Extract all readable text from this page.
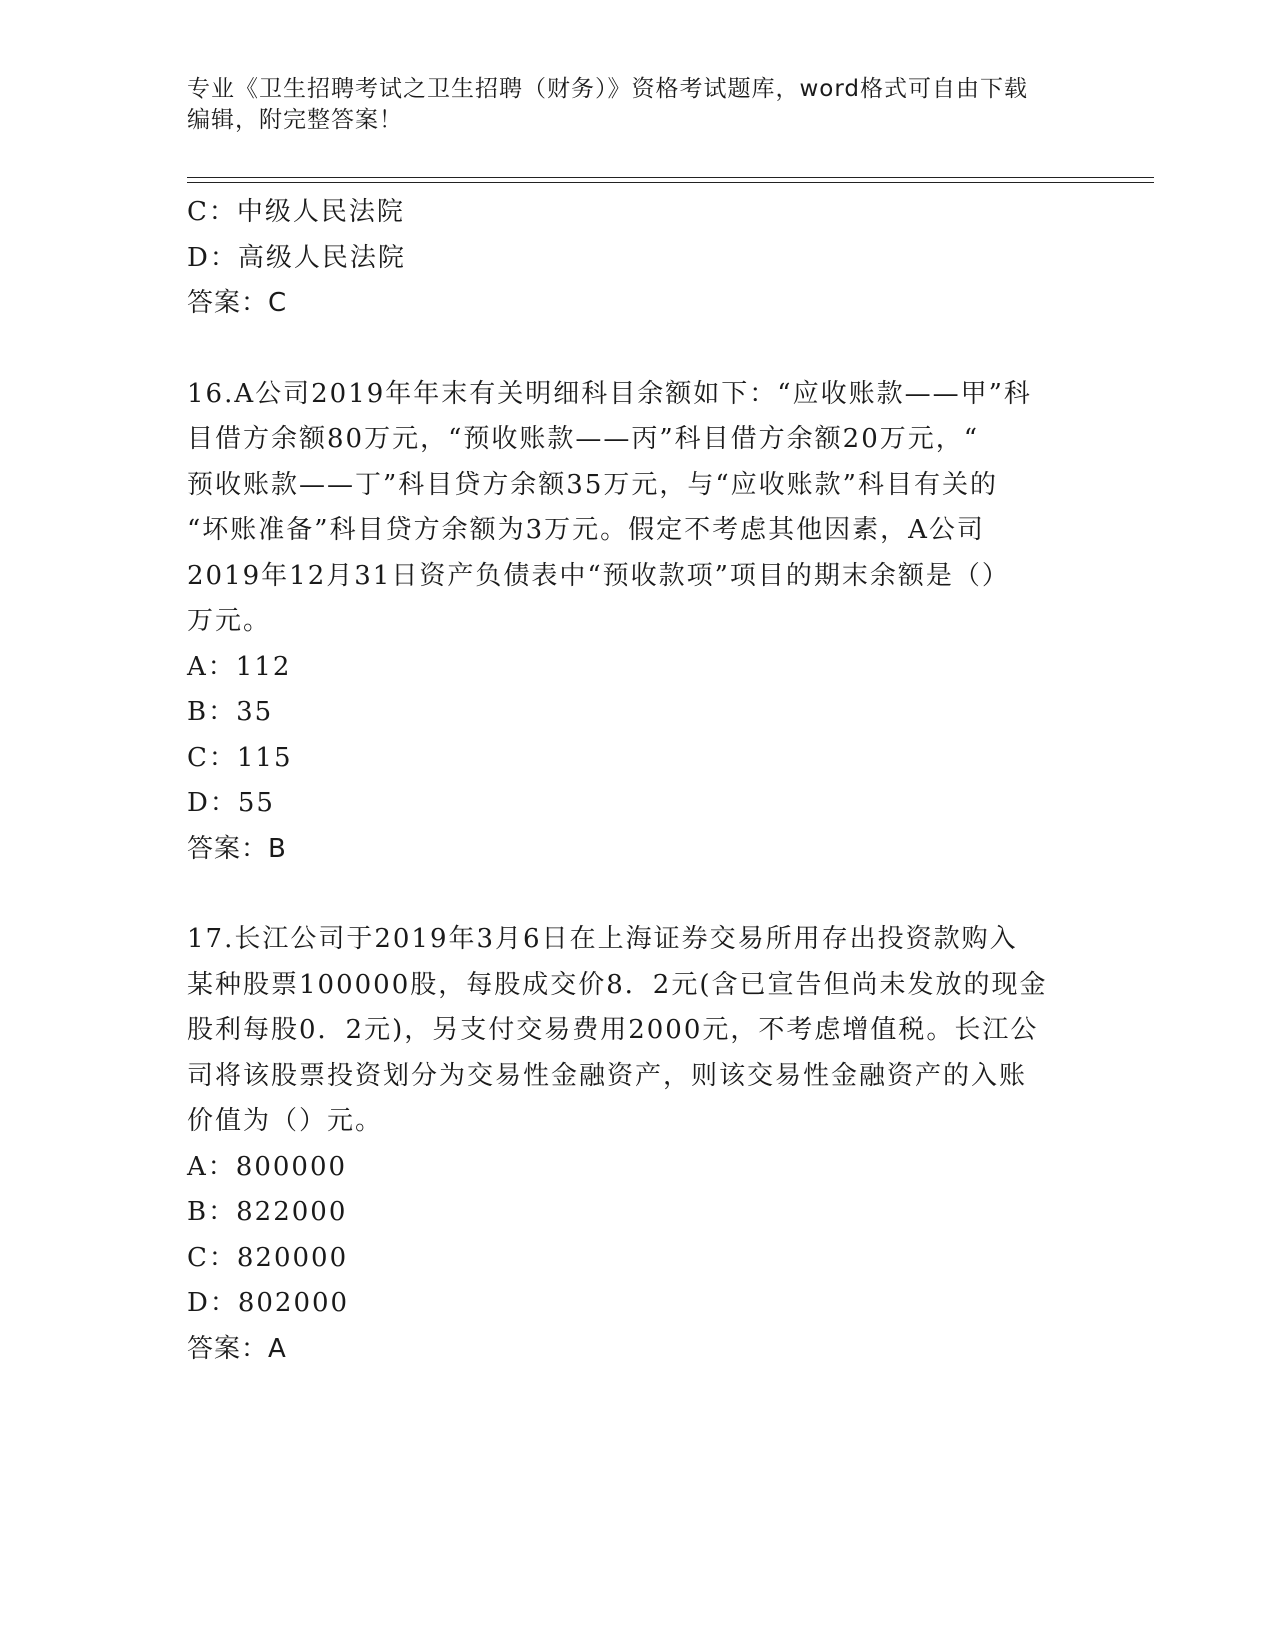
专业《卫生招聘考试之卫生招聘（财务）》资格考试题库，word格式可自由下载
编辑，附完整答案！
C：中级人民法院
D：高级人民法院
答案：C
16.A公司2019年年末有关明细科目余额如下：“应收账款——甲”科
目借方余额80万元，“预收账款——丙”科目借方余额20万元，“
预收账款——丁”科目贷方余额35万元，与“应收账款”科目有关的
“坏账准备”科目贷方余额为3万元。假定不考虑其他因素，A公司
2019年12月31日资产负债表中“预收款项”项目的期末余额是（）
万元。
A：112
B：35
C：115
D：55
答案：B
17.长江公司于2019年3月6日在上海证券交易所用存出投资款购入
某种股票100000股，每股成交价8．2元(含已宣告但尚未发放的现金
股利每股0．2元)，另支付交易费用2000元，不考虑增值税。长江公
司将该股票投资划分为交易性金融资产，则该交易性金融资产的入账
价值为（）元。
A：800000
B：822000
C：820000
D：802000
答案：A
